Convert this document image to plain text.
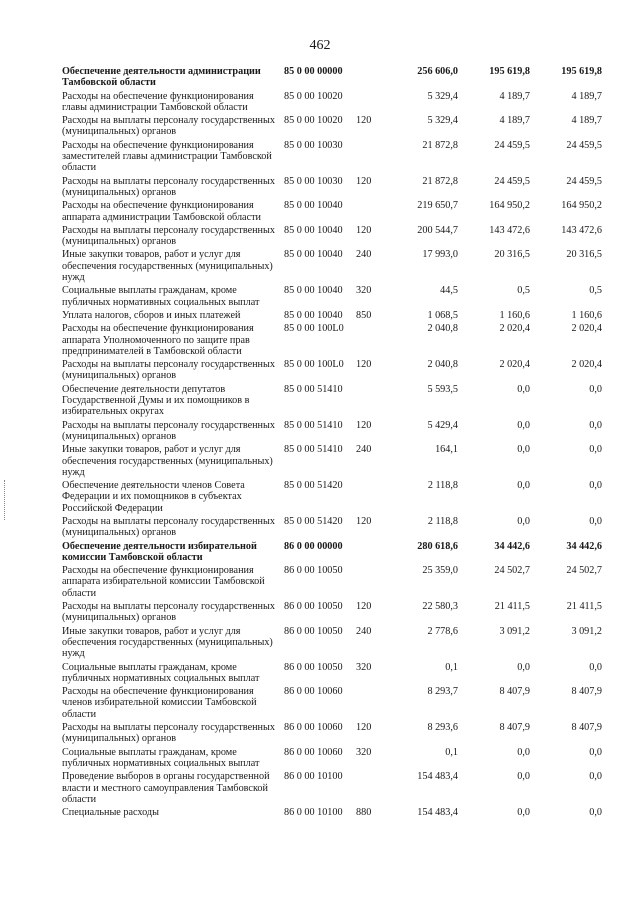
462
Обеспечение деятельности администрации Тамбовской области	85 0 00 00000		256 606,0	195 619,8	195 619,8
Расходы на обеспечение функционирования главы администрации Тамбовской области	85 0 00 10020		5 329,4	4 189,7	4 189,7
Расходы на выплаты персоналу государственных (муниципальных) органов	85 0 00 10020	120	5 329,4	4 189,7	4 189,7
Расходы на обеспечение функционирования заместителей главы администрации Тамбовской области	85 0 00 10030		21 872,8	24 459,5	24 459,5
Расходы на выплаты персоналу государственных (муниципальных) органов	85 0 00 10030	120	21 872,8	24 459,5	24 459,5
Расходы на обеспечение функционирования аппарата администрации Тамбовской области	85 0 00 10040		219 650,7	164 950,2	164 950,2
Расходы на выплаты персоналу государственных (муниципальных) органов	85 0 00 10040	120	200 544,7	143 472,6	143 472,6
Иные закупки товаров, работ и услуг для обеспечения государственных (муниципальных) нужд	85 0 00 10040	240	17 993,0	20 316,5	20 316,5
Социальные выплаты гражданам, кроме публичных нормативных социальных выплат	85 0 00 10040	320	44,5	0,5	0,5
Уплата налогов, сборов и иных платежей	85 0 00 10040	850	1 068,5	1 160,6	1 160,6
Расходы на обеспечение функционирования аппарата Уполномоченного по защите прав предпринимателей в Тамбовской области	85 0 00 100L0		2 040,8	2 020,4	2 020,4
Расходы на выплаты персоналу государственных (муниципальных) органов	85 0 00 100L0	120	2 040,8	2 020,4	2 020,4
Обеспечение деятельности депутатов Государственной Думы и их помощников в избирательных округах	85 0 00 51410		5 593,5	0,0	0,0
Расходы на выплаты персоналу государственных (муниципальных) органов	85 0 00 51410	120	5 429,4	0,0	0,0
Иные закупки товаров, работ и услуг для обеспечения государственных (муниципальных) нужд	85 0 00 51410	240	164,1	0,0	0,0
Обеспечение деятельности членов Совета Федерации и их помощников в субъектах Российской Федерации	85 0 00 51420		2 118,8	0,0	0,0
Расходы на выплаты персоналу государственных (муниципальных) органов	85 0 00 51420	120	2 118,8	0,0	0,0
Обеспечение деятельности избирательной комиссии Тамбовской области	86 0 00 00000		280 618,6	34 442,6	34 442,6
Расходы на обеспечение функционирования аппарата избирательной комиссии Тамбовской области	86 0 00 10050		25 359,0	24 502,7	24 502,7
Расходы на выплаты персоналу государственных (муниципальных) органов	86 0 00 10050	120	22 580,3	21 411,5	21 411,5
Иные закупки товаров, работ и услуг для обеспечения государственных (муниципальных) нужд	86 0 00 10050	240	2 778,6	3 091,2	3 091,2
Социальные выплаты гражданам, кроме публичных нормативных социальных выплат	86 0 00 10050	320	0,1	0,0	0,0
Расходы на обеспечение функционирования членов избирательной комиссии Тамбовской области	86 0 00 10060		8 293,7	8 407,9	8 407,9
Расходы на выплаты персоналу государственных (муниципальных) органов	86 0 00 10060	120	8 293,6	8 407,9	8 407,9
Социальные выплаты гражданам, кроме публичных нормативных социальных выплат	86 0 00 10060	320	0,1	0,0	0,0
Проведение выборов в органы государственной власти и местного самоуправления Тамбовской области	86 0 00 10100		154 483,4	0,0	0,0
Специальные расходы	86 0 00 10100	880	154 483,4	0,0	0,0
